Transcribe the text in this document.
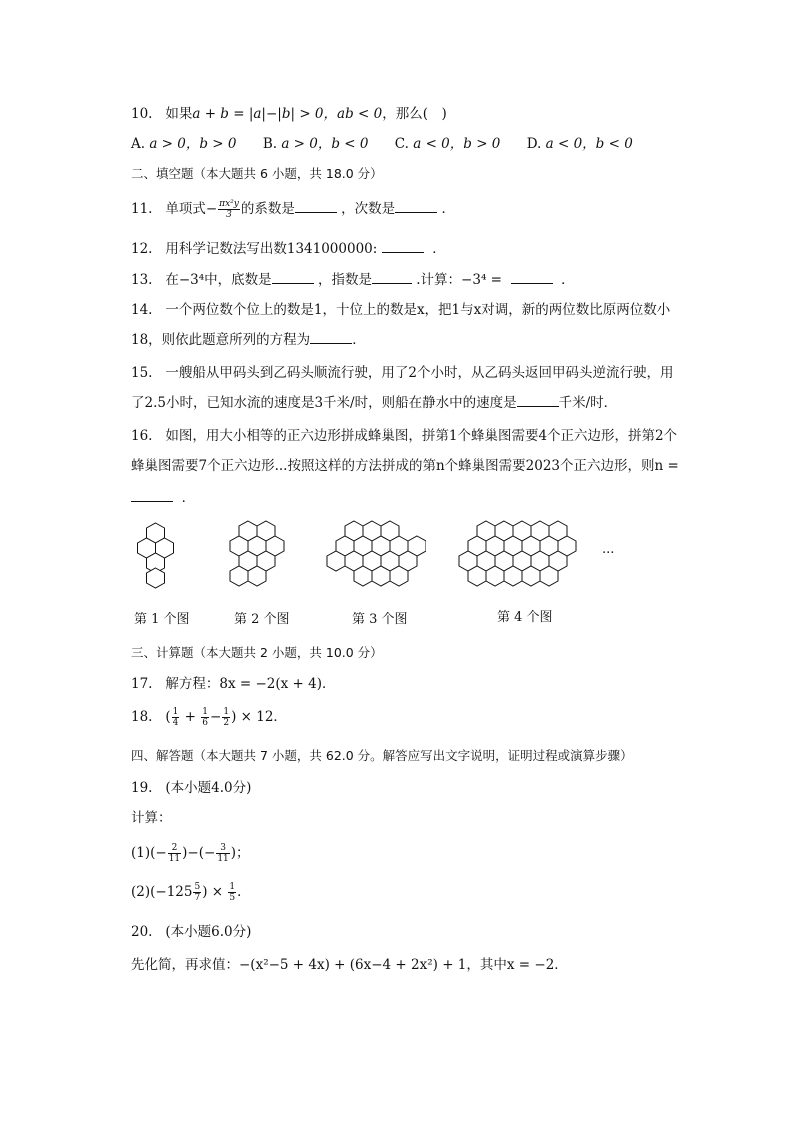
10. 如果a + b = |a|−|b| > 0，ab < 0，那么(　)
A. a > 0，b > 0 B. a > 0，b < 0 C. a < 0，b > 0 D. a < 0，b < 0
二、填空题（本大题共 6 小题，共 18.0 分）
11. 单项式− $\frac{\text{πx²y}}{3}$ 的系数是	，次数是	．
12. 用科学记数法写出数1341000000:	．
13. 在−3⁴中，底数是	，指数是	.计算：−3⁴ =	．
14. 一个两位数个位上的数是1，十位上的数是x，把1与x对调，新的两位数比原两位数小
18，则依此题意所列的方程为	．
15. 一艘船从甲码头到乙码头顺流行驶，用了2个小时，从乙码头返回甲码头逆流行驶，用
了2.5小时，已知水流的速度是3千米/时，则船在静水中的速度是	千米/时．
16. 如图，用大小相等的正六边形拼成蜂巢图，拼第1个蜂巢图需要4个正六边形，拼第2个
蜂巢图需要7个正六边形...按照这样的方法拼成的第n个蜂巢图需要2023个正六边形，则n =
．
...
第 1 个图	第 2 个图	第 3 个图	第 4 个图
三、计算题（本大题共 2 小题，共 10.0 分）
17. 解方程：8x = −2(x + 4)．
18. ( $\frac{1}{4} + \frac{1}{6} - \frac{1}{2}$ ) × 12．
四、解答题（本大题共 7 小题，共 62.0 分。解答应写出文字说明，证明过程或演算步骤）
19. (本小题4.0分)
计算：
$(1)(- \frac{2}{11}$ )−(− $\frac{3}{11}$ )；
$(2)(-125 \frac{5}{7}$ ) × $\frac{1}{5}$ ．
20. (本小题6.0分)
先化简，再求值：−(x²−5 + 4x) + (6x−4 + 2x²) + 1，其中x = −2．
